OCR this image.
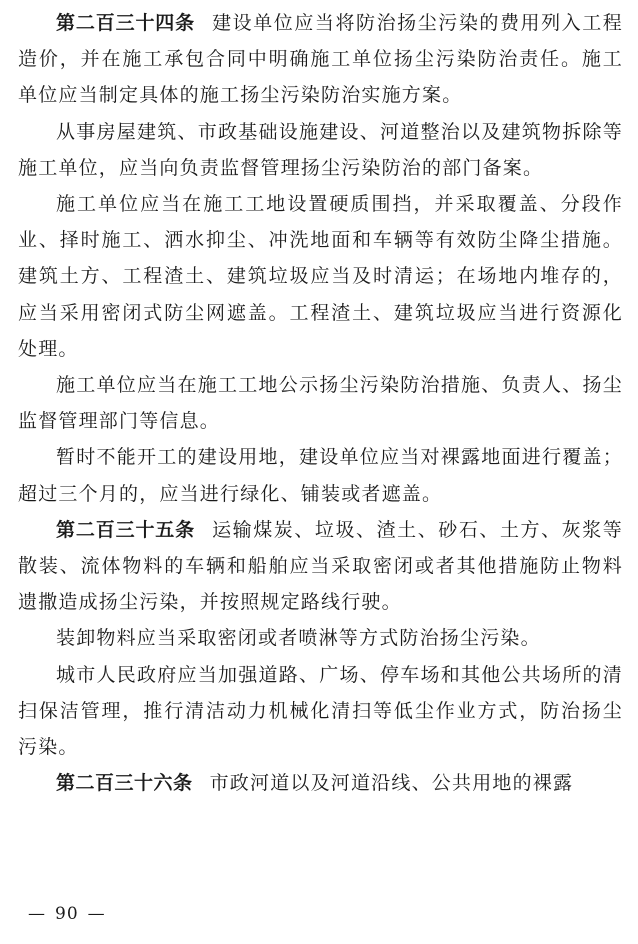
第二百三十四条 建设单位应当将防治扬尘污染的费用列入工程造价，并在施工承包合同中明确施工单位扬尘污染防治责任。施工单位应当制定具体的施工扬尘污染防治实施方案。

从事房屋建筑、市政基础设施建设、河道整治以及建筑物拆除等施工单位，应当向负责监督管理扬尘污染防治的部门备案。

施工单位应当在施工工地设置硬质围挡，并采取覆盖、分段作业、择时施工、洒水抑尘、冲洗地面和车辆等有效防尘降尘措施。建筑土方、工程渣土、建筑垃圾应当及时清运；在场地内堆存的，应当采用密闭式防尘网遮盖。工程渣土、建筑垃圾应当进行资源化处理。

施工单位应当在施工工地公示扬尘污染防治措施、负责人、扬尘监督管理部门等信息。

暂时不能开工的建设用地，建设单位应当对裸露地面进行覆盖；超过三个月的，应当进行绿化、铺装或者遮盖。

第二百三十五条 运输煤炭、垃圾、渣土、砂石、土方、灰浆等散装、流体物料的车辆和船舶应当采取密闭或者其他措施防止物料遗撒造成扬尘污染，并按照规定路线行驶。

装卸物料应当采取密闭或者喷淋等方式防治扬尘污染。

城市人民政府应当加强道路、广场、停车场和其他公共场所的清扫保洁管理，推行清洁动力机械化清扫等低尘作业方式，防治扬尘污染。

第二百三十六条 市政河道以及河道沿线、公共用地的裸露

— 90 —
